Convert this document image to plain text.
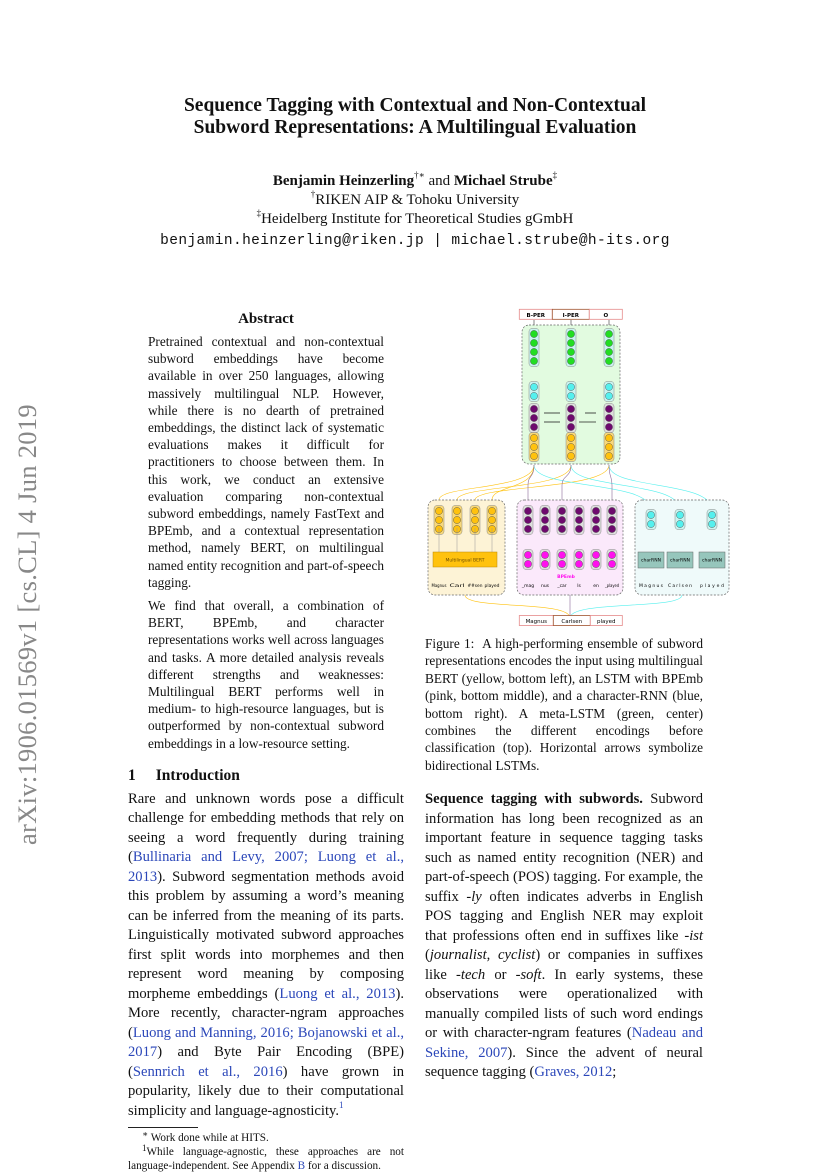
arXiv:1906.01569v1 [cs.CL] 4 Jun 2019
Sequence Tagging with Contextual and Non-Contextual
Subword Representations: A Multilingual Evaluation
Benjamin Heinzerling†∗ and Michael Strube‡
†RIKEN AIP & Tohoku University
‡Heidelberg Institute for Theoretical Studies gGmbH
benjamin.heinzerling@riken.jp | michael.strube@h-its.org
Abstract

Pretrained contextual and non-contextual subword embeddings have become available in over 250 languages, allowing massively multilingual NLP. However, while there is no dearth of pretrained embeddings, the distinct lack of systematic evaluations makes it difficult for practitioners to choose between them. In this work, we conduct an extensive evaluation comparing non-contextual subword embeddings, namely FastText and BPEmb, and a contextual representation method, namely BERT, on multilingual named entity recognition and part-of-speech tagging.

We find that overall, a combination of BERT, BPEmb, and character representations works well across languages and tasks. A more detailed analysis reveals different strengths and weaknesses: Multilingual BERT performs well in medium- to high-resource languages, but is outperformed by non-contextual subword embeddings in a low-resource setting.

1 Introduction
Rare and unknown words pose a difficult challenge for embedding methods that rely on seeing a word frequently during training (Bullinaria and Levy, 2007; Luong et al., 2013). Subword segmentation methods avoid this problem by assuming a word’s meaning can be inferred from the meaning of its parts. Linguistically motivated subword approaches first split words into morphemes and then represent word meaning by composing morpheme embeddings (Luong et al., 2013). More recently, character-ngram approaches (Luong and Manning, 2016; Bojanowski et al., 2017) and Byte Pair Encoding (BPE) (Sennrich et al., 2016) have grown in popularity, likely due to their computational simplicity and language-agnosticity.$^1$

∗ Work done while at HITS.

$^1$While language-agnostic, these approaches are not language-independent. See Appendix B for a discussion.

B-PER	I-PER	O
Magnus Carl	##sen played
Multilingual BERT
_mag nus _car ls	en _played
BPEmb
charRNN
M a g n u s
charRNN
C a r l s e n
charRNN
p l a y e d
Magnus	Carlsen	played
Figure 1: A high-performing ensemble of subword representations encodes the input using multilingual BERT (yellow, bottom left), an LSTM with BPEmb (pink, bottom middle), and a character-RNN (blue, bottom right). A meta-LSTM (green, center) combines the different encodings before classification (top). Horizontal arrows symbolize bidirectional LSTMs.
Sequence tagging with subwords. Subword information has long been recognized as an important feature in sequence tagging tasks such as named entity recognition (NER) and part-of-speech (POS) tagging. For example, the suffix -ly often indicates adverbs in English POS tagging and English NER may exploit that professions often end in suffixes like -ist (journalist, cyclist) or companies in suffixes like -tech or -soft. In early systems, these observations were operationalized with manually compiled lists of such word endings or with character-ngram features (Nadeau and Sekine, 2007). Since the advent of neural sequence tagging (Graves, 2012;
